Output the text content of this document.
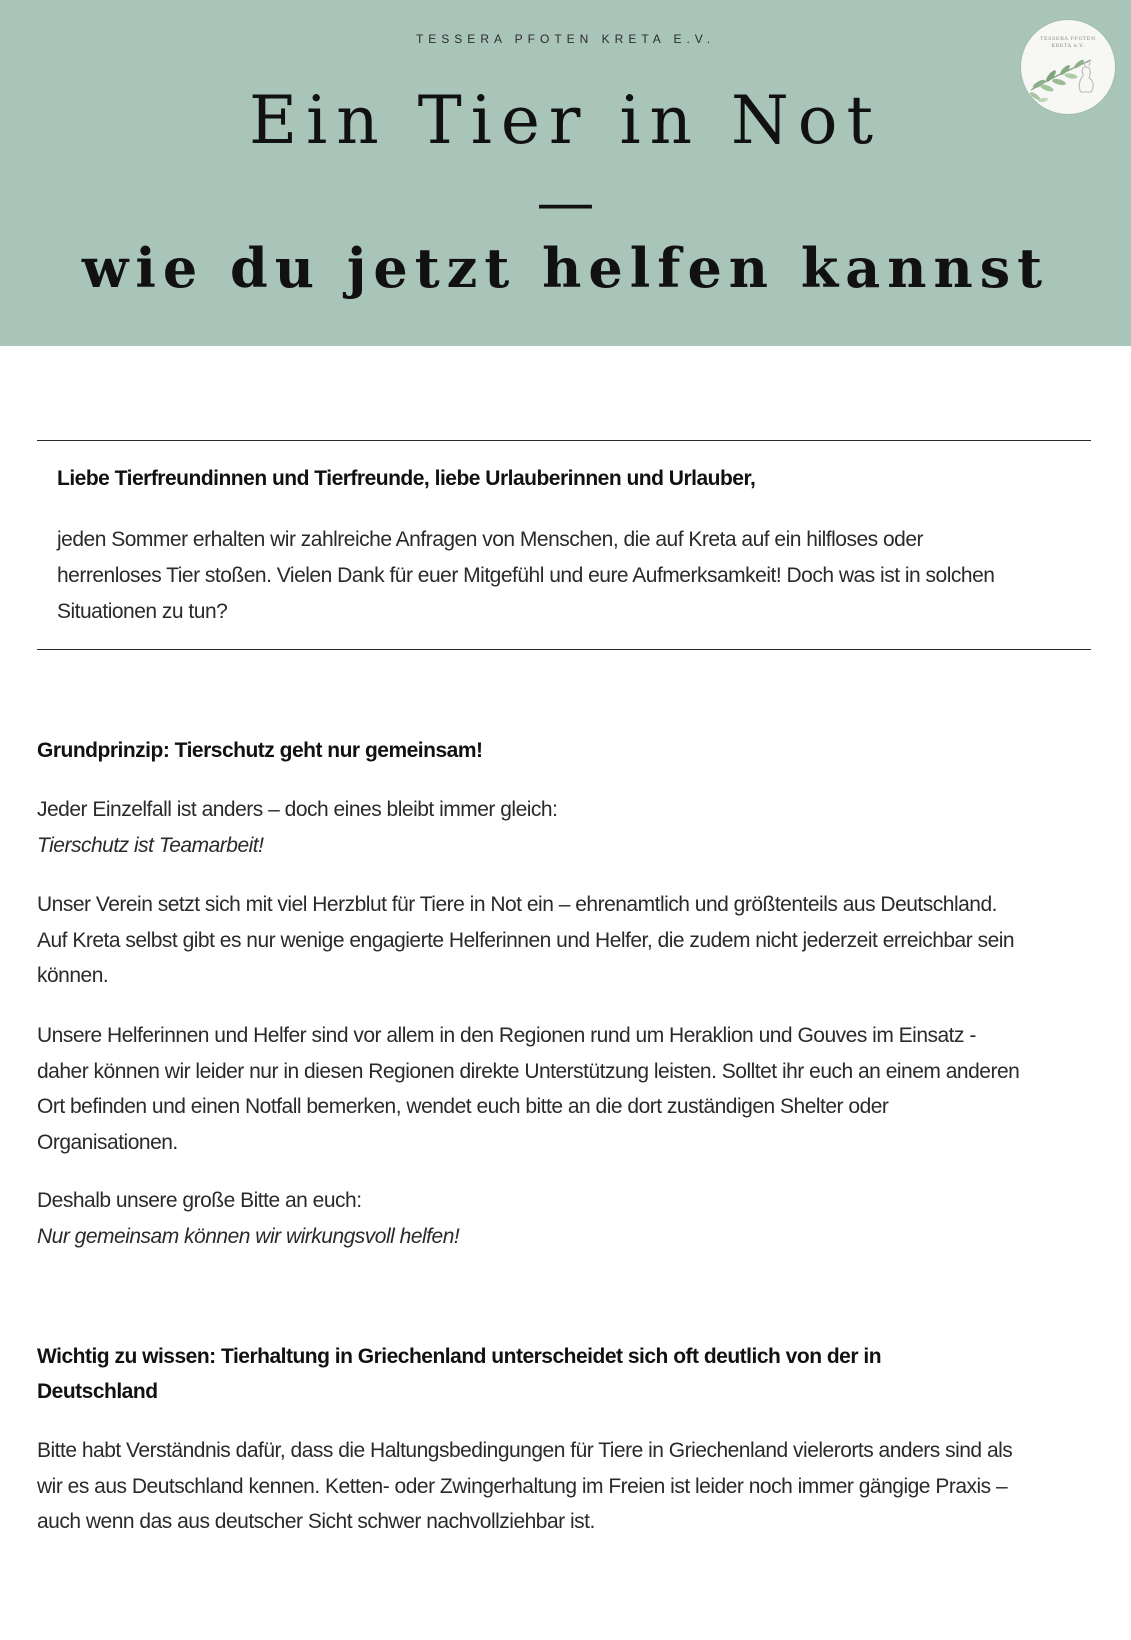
TESSERA PFOTEN KRETA E.V.
Ein Tier in Not
—
wie du jetzt helfen kannst
TESSERA PFOTEN
KRETA e.V.
Liebe Tierfreundinnen und Tierfreunde, liebe Urlauberinnen und Urlauber,
jeden Sommer erhalten wir zahlreiche Anfragen von Menschen, die auf Kreta auf ein hilfloses oder
herrenloses Tier stoßen. Vielen Dank für euer Mitgefühl und eure Aufmerksamkeit! Doch was ist in solchen
Situationen zu tun?
Grundprinzip: Tierschutz geht nur gemeinsam!
Jeder Einzelfall ist anders – doch eines bleibt immer gleich:
Tierschutz ist Teamarbeit!
Unser Verein setzt sich mit viel Herzblut für Tiere in Not ein – ehrenamtlich und größtenteils aus Deutschland.
Auf Kreta selbst gibt es nur wenige engagierte Helferinnen und Helfer, die zudem nicht jederzeit erreichbar sein
können.
Unsere Helferinnen und Helfer sind vor allem in den Regionen rund um Heraklion und Gouves im Einsatz -
daher können wir leider nur in diesen Regionen direkte Unterstützung leisten. Solltet ihr euch an einem anderen
Ort befinden und einen Notfall bemerken, wendet euch bitte an die dort zuständigen Shelter oder
Organisationen.
Deshalb unsere große Bitte an euch:
Nur gemeinsam können wir wirkungsvoll helfen!
Wichtig zu wissen: Tierhaltung in Griechenland unterscheidet sich oft deutlich von der in
Deutschland
Bitte habt Verständnis dafür, dass die Haltungsbedingungen für Tiere in Griechenland vielerorts anders sind als
wir es aus Deutschland kennen. Ketten- oder Zwingerhaltung im Freien ist leider noch immer gängige Praxis –
auch wenn das aus deutscher Sicht schwer nachvollziehbar ist.
